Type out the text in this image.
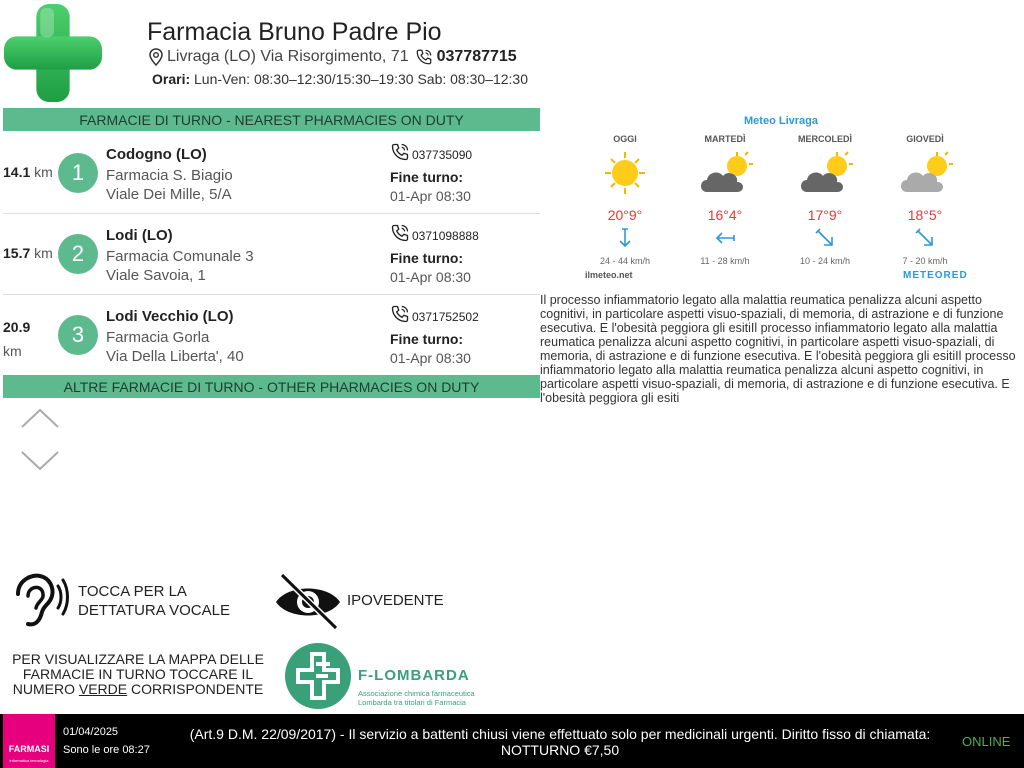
Farmacia Bruno Padre Pio
Livraga (LO) Via Risorgimento, 71 037787715
Orari: Lun-Ven: 08:30–12:30/15:30–19:30 Sab: 08:30–12:30
FARMACIE DI TURNO - NEAREST PHARMACIES ON DUTY
14.1 km 1
Codogno (LO)
Farmacia S. Biagio
Viale Dei Mille, 5/A
037735090
Fine turno:
01-Apr 08:30
15.7 km 2
Lodi (LO)
Farmacia Comunale 3
Viale Savoia, 1
0371098888
Fine turno:
01-Apr 08:30
20.9
km
3
Lodi Vecchio (LO)
Farmacia Gorla
Via Della Liberta', 40
0371752502
Fine turno:
01-Apr 08:30
ALTRE FARMACIE DI TURNO - OTHER PHARMACIES ON DUTY
Meteo Livraga
OGGI
20°9°
24 - 44 km/h
MARTEDÌ
16°4°
11 - 28 km/h
MERCOLEDÌ
17°9°
10 - 24 km/h
GIOVEDÌ
18°5°
7 - 20 km/h
ilmeteo.net	METEORED
Il processo infiammatorio legato alla malattia reumatica penalizza alcuni aspetto cognitivi, in particolare aspetti visuo-spaziali, di memoria, di astrazione e di funzione esecutiva. E l'obesità peggiora gli esitiIl processo infiammatorio legato alla malattia reumatica penalizza alcuni aspetto cognitivi, in particolare aspetti visuo-spaziali, di memoria, di astrazione e di funzione esecutiva. E l'obesità peggiora gli esitiIl processo infiammatorio legato alla malattia reumatica penalizza alcuni aspetto cognitivi, in particolare aspetti visuo-spaziali, di memoria, di astrazione e di funzione esecutiva. E l'obesità peggiora gli esiti
TOCCA PER LA
DETTATURA VOCALE
IPOVEDENTE
PER VISUALIZZARE LA MAPPA DELLE
FARMACIE IN TURNO TOCCARE IL
NUMERO VERDE CORRISPONDENTE
F-LOMBARDA
Associazione chimica farmaceutica
Lombarda tra titolari di Farmacia
FARMASI
informatica tecnologia
01/04/2025
Sono le ore 08:27
(Art.9 D.M. 22/09/2017) - Il servizio a battenti chiusi viene effettuato solo per medicinali urgenti. Diritto fisso di chiamata: NOTTURNO €7,50
ONLINE
